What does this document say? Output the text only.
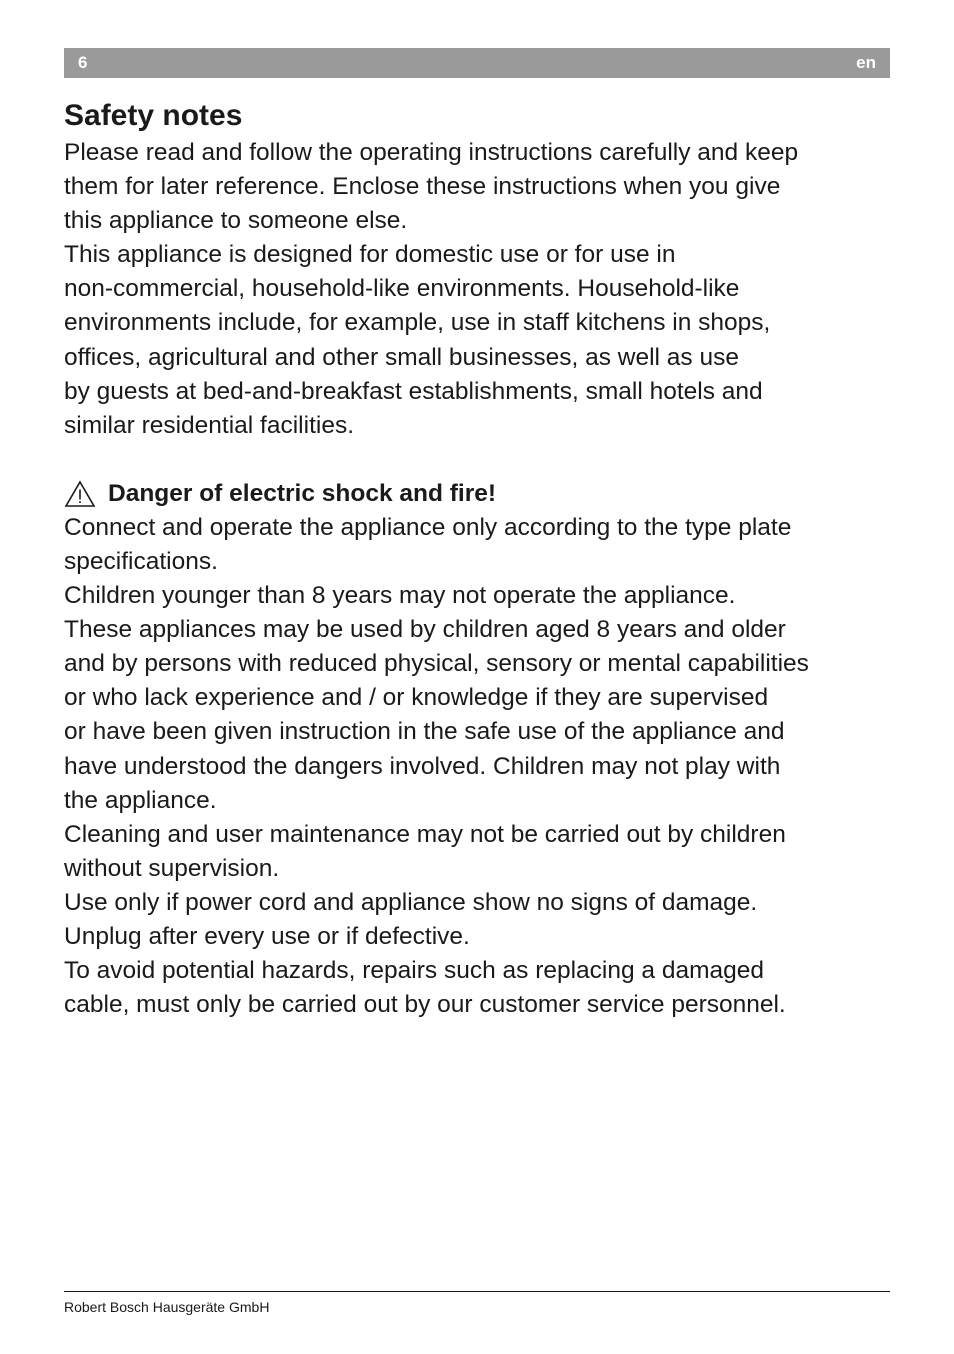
6	en
Safety notes

Please read and follow the operating instructions carefully and keep
them for later reference. Enclose these instructions when you give
this appliance to someone else.

This appliance is designed for domestic use or for use in
non-commercial, household-like environments. Household-like
environments include, for example, use in staff kitchens in shops,
offices, agricultural and other small businesses, as well as use
by guests at bed-and-breakfast establishments, small hotels and
similar residential facilities.

Danger of electric shock and fire!

Connect and operate the appliance only according to the type plate
specifications.

Children younger than 8 years may not operate the appliance.

These appliances may be used by children aged 8 years and older
and by persons with reduced physical, sensory or mental capabilities
or who lack experience and / or knowledge if they are supervised
or have been given instruction in the safe use of the appliance and
have understood the dangers involved. Children may not play with
the appliance.

Cleaning and user maintenance may not be carried out by children
without supervision.

Use only if power cord and appliance show no signs of damage.
Unplug after every use or if defective.

To avoid potential hazards, repairs such as replacing a damaged
cable, must only be carried out by our customer service personnel.

Robert Bosch Hausgeräte GmbH
